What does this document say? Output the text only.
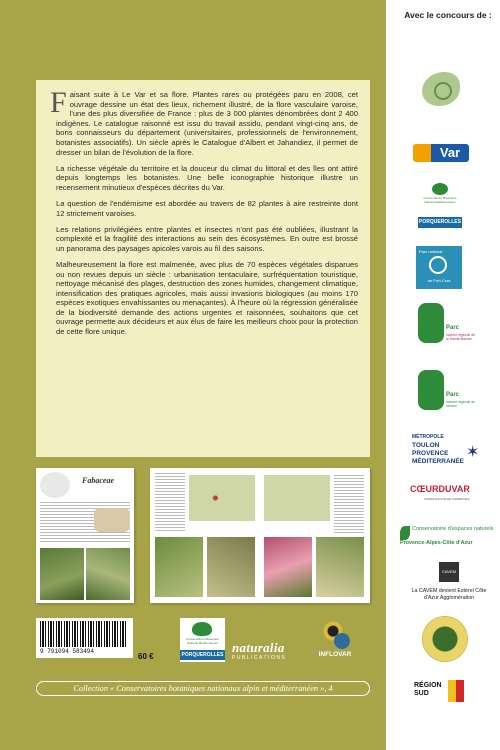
Avec le concours de :

Faisant suite à Le Var et sa flore. Plantes rares ou protégées paru en 2008, cet ouvrage dessine un état des lieux, richement illustré, de la flore vasculaire varoise, l'une des plus diversifiée de France : plus de 3 000 plantes dénombrées dont 2 400 indigènes. Le catalogue raisonné est issu du travail assidu, pendant vingt-cinq ans, de bons connaisseurs du département (universitaires, professionnels de l'environnement, botanistes associatifs). Un siècle après le Catalogue d'Albert et Jahandiez, il permet de dresser un bilan de l'évolution de la flore.

La richesse végétale du territoire et la douceur du climat du littoral et des îles ont attiré depuis longtemps les botanistes. Une belle iconographie historique illustre un recensement minutieux d'espèces décrites du Var.

La question de l'endémisme est abordée au travers de 82 plantes à aire restreinte dont 12 strictement varoises.

Les relations privilégiées entre plantes et insectes n'ont pas été oubliées, illustrant la complexité et la fragilité des interactions au sein des écosystèmes. En outre est brossé un panorama des paysages apicoles varois au fil des saisons.

Malheureusement la flore est malmenée, avec plus de 70 espèces végétales disparues ou non revues depuis un siècle : urbanisation tentaculaire, surfréquentation touristique, nettoyage mécanisé des plages, destruction des zones humides, changement climatique, intensification des pratiques agricoles, mais aussi invasions biologiques (au moins 170 espèces exotiques envahissantes ou menaçantes). À l'heure où la régression généralisée de la biodiversité demande des actions urgentes et raisonnées, souhaitons que cet ouvrage permette aux décideurs et aux élus de faire les meilleurs choix pour la protection de cette flore unique.

Fabaceae
9 791094 583494
60 €
Conservatoire Botanique National Méditerranéen
PORQUEROLLES naturalia
PUBLICATIONS	INFLOVAR
Collection « Conservatoires botaniques nationaux alpin et méditerranéen », 4
Var
Conservatoire Botanique National Méditerranéen
PORQUEROLLES
Parc national
de Port-Cros
Parc
naturel régional de la Sainte-Baume
Parc
naturel régional du Verdon
MÉTROPOLE
TOULON PROVENCE MÉDITERRANÉE
✶
CŒURDUVAR
COMMUNAUTÉ DE COMMUNES
Conservatoire d'espaces naturels
Provence-Alpes-Côte d'Azur
CAVEM
La CAVEM devient Estérel Côte d'Azur Agglomération
RÉGION SUD
